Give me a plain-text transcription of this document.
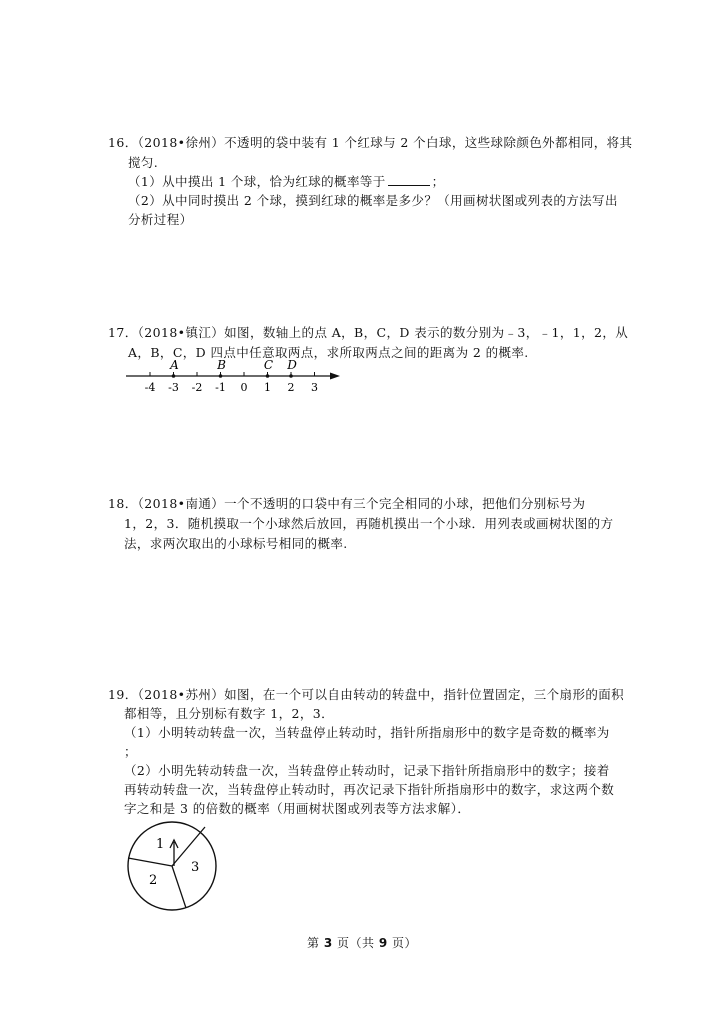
16．（2018•徐州）不透明的袋中装有 1 个红球与 2 个白球，这些球除颜色外都相同，将其
搅匀.
（1）从中摸出 1 个球，恰为红球的概率等于	；
（2）从中同时摸出 2 个球，摸到红球的概率是多少？（用画树状图或列表的方法写出
分析过程）
17．（2018•镇江）如图，数轴上的点 A，B，C，D 表示的数分别为﹣3，﹣1，1，2，从
A，B，C，D 四点中任意取两点，求所取两点之间的距离为 2 的概率.
-4 -3 -2 -1 0 1 2 3
A	B	C D
18．（2018•南通）一个不透明的口袋中有三个完全相同的小球，把他们分别标号为
1，2，3．随机摸取一个小球然后放回，再随机摸出一个小球．用列表或画树状图的方
法，求两次取出的小球标号相同的概率.
19．（2018•苏州）如图，在一个可以自由转动的转盘中，指针位置固定，三个扇形的面积
都相等，且分别标有数字 1，2，3．
（1）小明转动转盘一次，当转盘停止转动时，指针所指扇形中的数字是奇数的概率为
；
（2）小明先转动转盘一次，当转盘停止转动时，记录下指针所指扇形中的数字；接着
再转动转盘一次，当转盘停止转动时，再次记录下指针所指扇形中的数字，求这两个数
字之和是 3 的倍数的概率（用画树状图或列表等方法求解）．
1
2
3
第 3 页（共 9 页）
